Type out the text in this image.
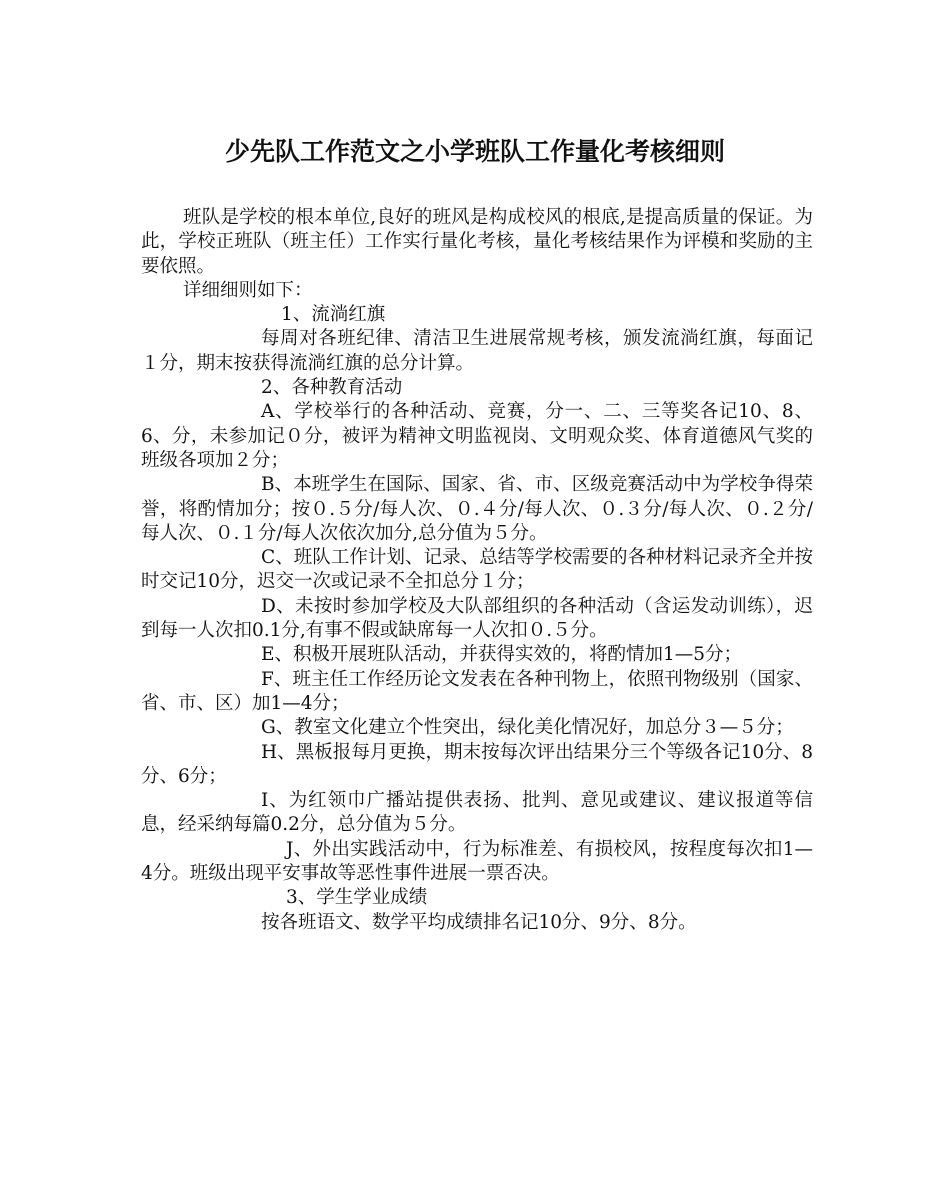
少先队工作范文之小学班队工作量化考核细则

班队是学校的根本单位,良好的班风是构成校风的根底,是提高质量的保证。为此，学校正班队（班主任）工作实行量化考核，量化考核结果作为评模和奖励的主要依照。

详细细则如下：

1、流淌红旗

每周对各班纪律、清洁卫生进展常规考核，颁发流淌红旗，每面记１分，期末按获得流淌红旗的总分计算。

2、各种教育活动

A、学校举行的各种活动、竞赛，分一、二、三等奖各记10、8、6、分，未参加记０分，被评为精神文明监视岗、文明观众奖、体育道德风气奖的班级各项加２分；

B、本班学生在国际、国家、省、市、区级竞赛活动中为学校争得荣誉，将酌情加分；按０.５分/每人次、０.４分/每人次、０.３分/每人次、０.２分/每人次、０.１分/每人次依次加分,总分值为５分。

C、班队工作计划、记录、总结等学校需要的各种材料记录齐全并按时交记10分，迟交一次或记录不全扣总分１分；

D、未按时参加学校及大队部组织的各种活动（含运发动训练），迟到每一人次扣0.1分,有事不假或缺席每一人次扣０.５分。

E、积极开展班队活动，并获得实效的，将酌情加1—5分；

F、班主任工作经历论文发表在各种刊物上，依照刊物级别（国家、省、市、区）加1—4分；

G、教室文化建立个性突出，绿化美化情况好，加总分３—５分；

H、黑板报每月更换，期末按每次评出结果分三个等级各记10分、8分、6分；

I、为红领巾广播站提供表扬、批判、意见或建议、建议报道等信息，经采纳每篇0.2分，总分值为５分。

J、外出实践活动中，行为标准差、有损校风，按程度每次扣1—4分。班级出现平安事故等恶性事件进展一票否决。

3、学生学业成绩

按各班语文、数学平均成绩排名记10分、9分、8分。
